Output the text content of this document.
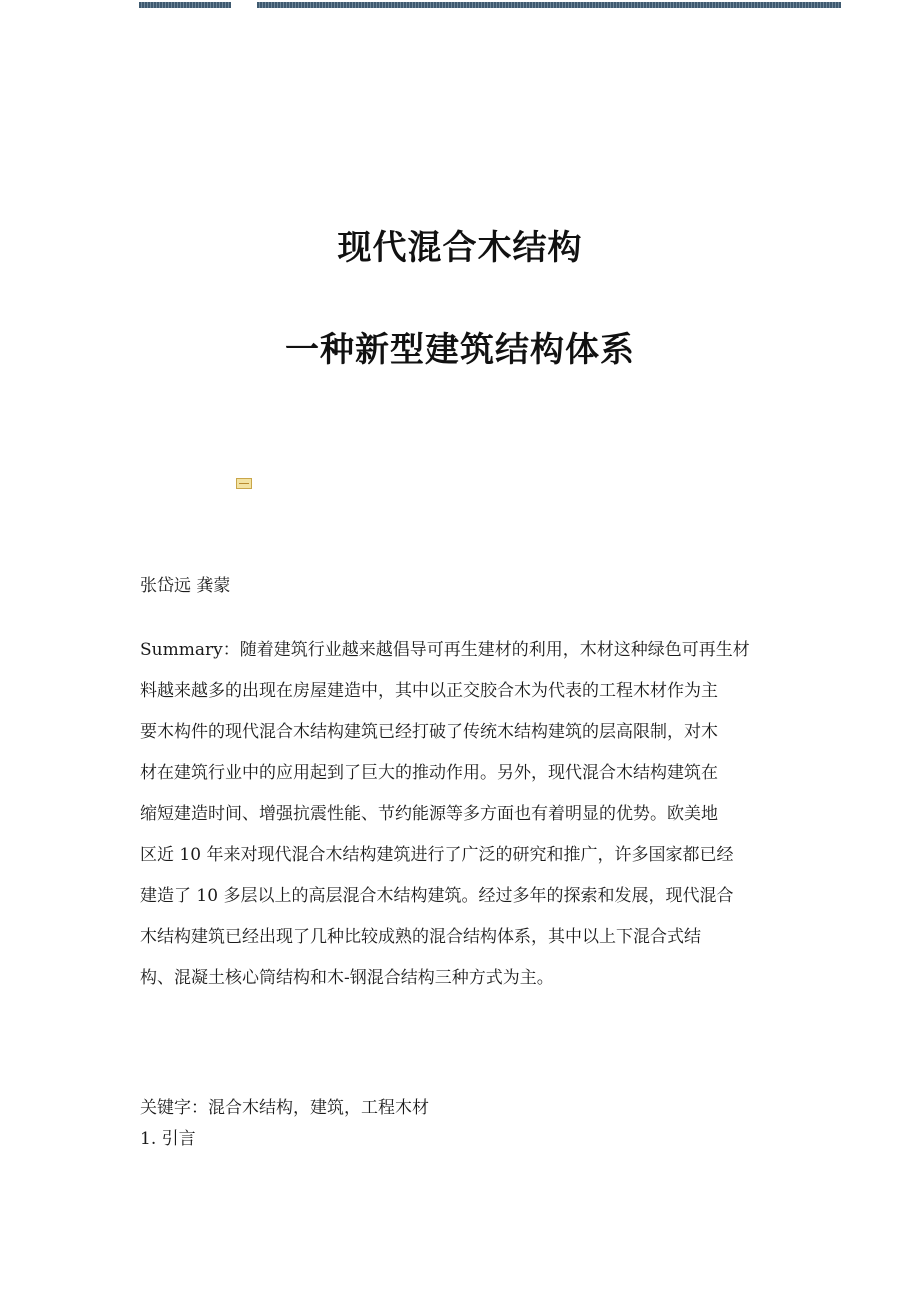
现代混合木结构
一种新型建筑结构体系

张岱远 龚蒙

Summary：随着建筑行业越来越倡导可再生建材的利用，木材这种绿色可再生材

料越来越多的出现在房屋建造中，其中以正交胶合木为代表的工程木材作为主

要木构件的现代混合木结构建筑已经打破了传统木结构建筑的层高限制，对木

材在建筑行业中的应用起到了巨大的推动作用。另外，现代混合木结构建筑在

缩短建造时间、增强抗震性能、节约能源等多方面也有着明显的优势。欧美地

区近 10 年来对现代混合木结构建筑进行了广泛的研究和推广，许多国家都已经

建造了 10 多层以上的高层混合木结构建筑。经过多年的探索和发展，现代混合

木结构建筑已经出现了几种比较成熟的混合结构体系，其中以上下混合式结

构、混凝土核心筒结构和木-钢混合结构三种方式为主。

关键字：混合木结构，建筑，工程木材

1. 引言
